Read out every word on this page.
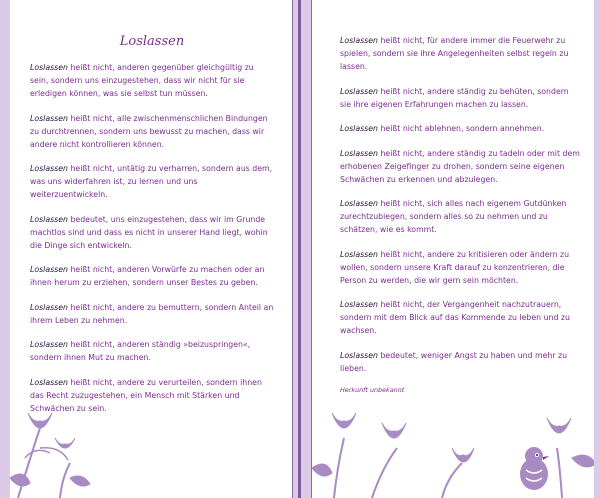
Loslassen
Loslassen heißt nicht, anderen gegenüber gleichgültig zu sein, sondern uns einzugestehen, dass wir nicht für sie erledigen können, was sie selbst tun müssen.
Loslassen heißt nicht, alle zwischenmenschlichen Bindungen zu durchtrennen, sondern uns bewusst zu machen, dass wir andere nicht kontrollieren können.
Loslassen heißt nicht, untätig zu verharren, sondern aus dem, was uns widerfahren ist, zu lernen und uns weiterzuentwickeln.
Loslassen bedeutet, uns einzugestehen, dass wir im Grunde machtlos sind und dass es nicht in unserer Hand liegt, wohin die Dinge sich entwickeln.
Loslassen heißt nicht, anderen Vorwürfe zu machen oder an ihnen herum zu erziehen, sondern unser Bestes zu geben.
Loslassen heißt nicht, andere zu bemuttern, sondern Anteil an ihrem Leben zu nehmen.
Loslassen heißt nicht, anderen ständig »beizuspringen«, sondern ihnen Mut zu machen.
Loslassen heißt nicht, andere zu verurteilen, sondern ihnen das Recht zuzugestehen, ein Mensch mit Stärken und Schwächen zu sein.
Loslassen heißt nicht, für andere immer die Feuerwehr zu spielen, sondern sie ihre Angelegenheiten selbst regeln zu lassen.
Loslassen heißt nicht, andere ständig zu behüten, sondern sie ihre eigenen Erfahrungen machen zu lassen.
Loslassen heißt nicht ablehnen, sondern annehmen.
Loslassen heißt nicht, andere ständig zu tadeln oder mit dem erhobenen Zeigefinger zu drohen, sondern seine eigenen Schwächen zu erkennen und abzulegen.
Loslassen heißt nicht, sich alles nach eigenem Gutdünken zurechtzubiegen, sondern alles so zu nehmen und zu schätzen, wie es kommt.
Loslassen heißt nicht, andere zu kritisieren oder ändern zu wollen, sondern unsere Kraft darauf zu konzentrieren, die Person zu werden, die wir gern sein möchten.
Loslassen heißt nicht, der Vergangenheit nachzutrauern, sondern mit dem Blick auf das Kommende zu leben und zu wachsen.
Loslassen bedeutet, weniger Angst zu haben und mehr zu lieben.
Herkunft unbekannt
